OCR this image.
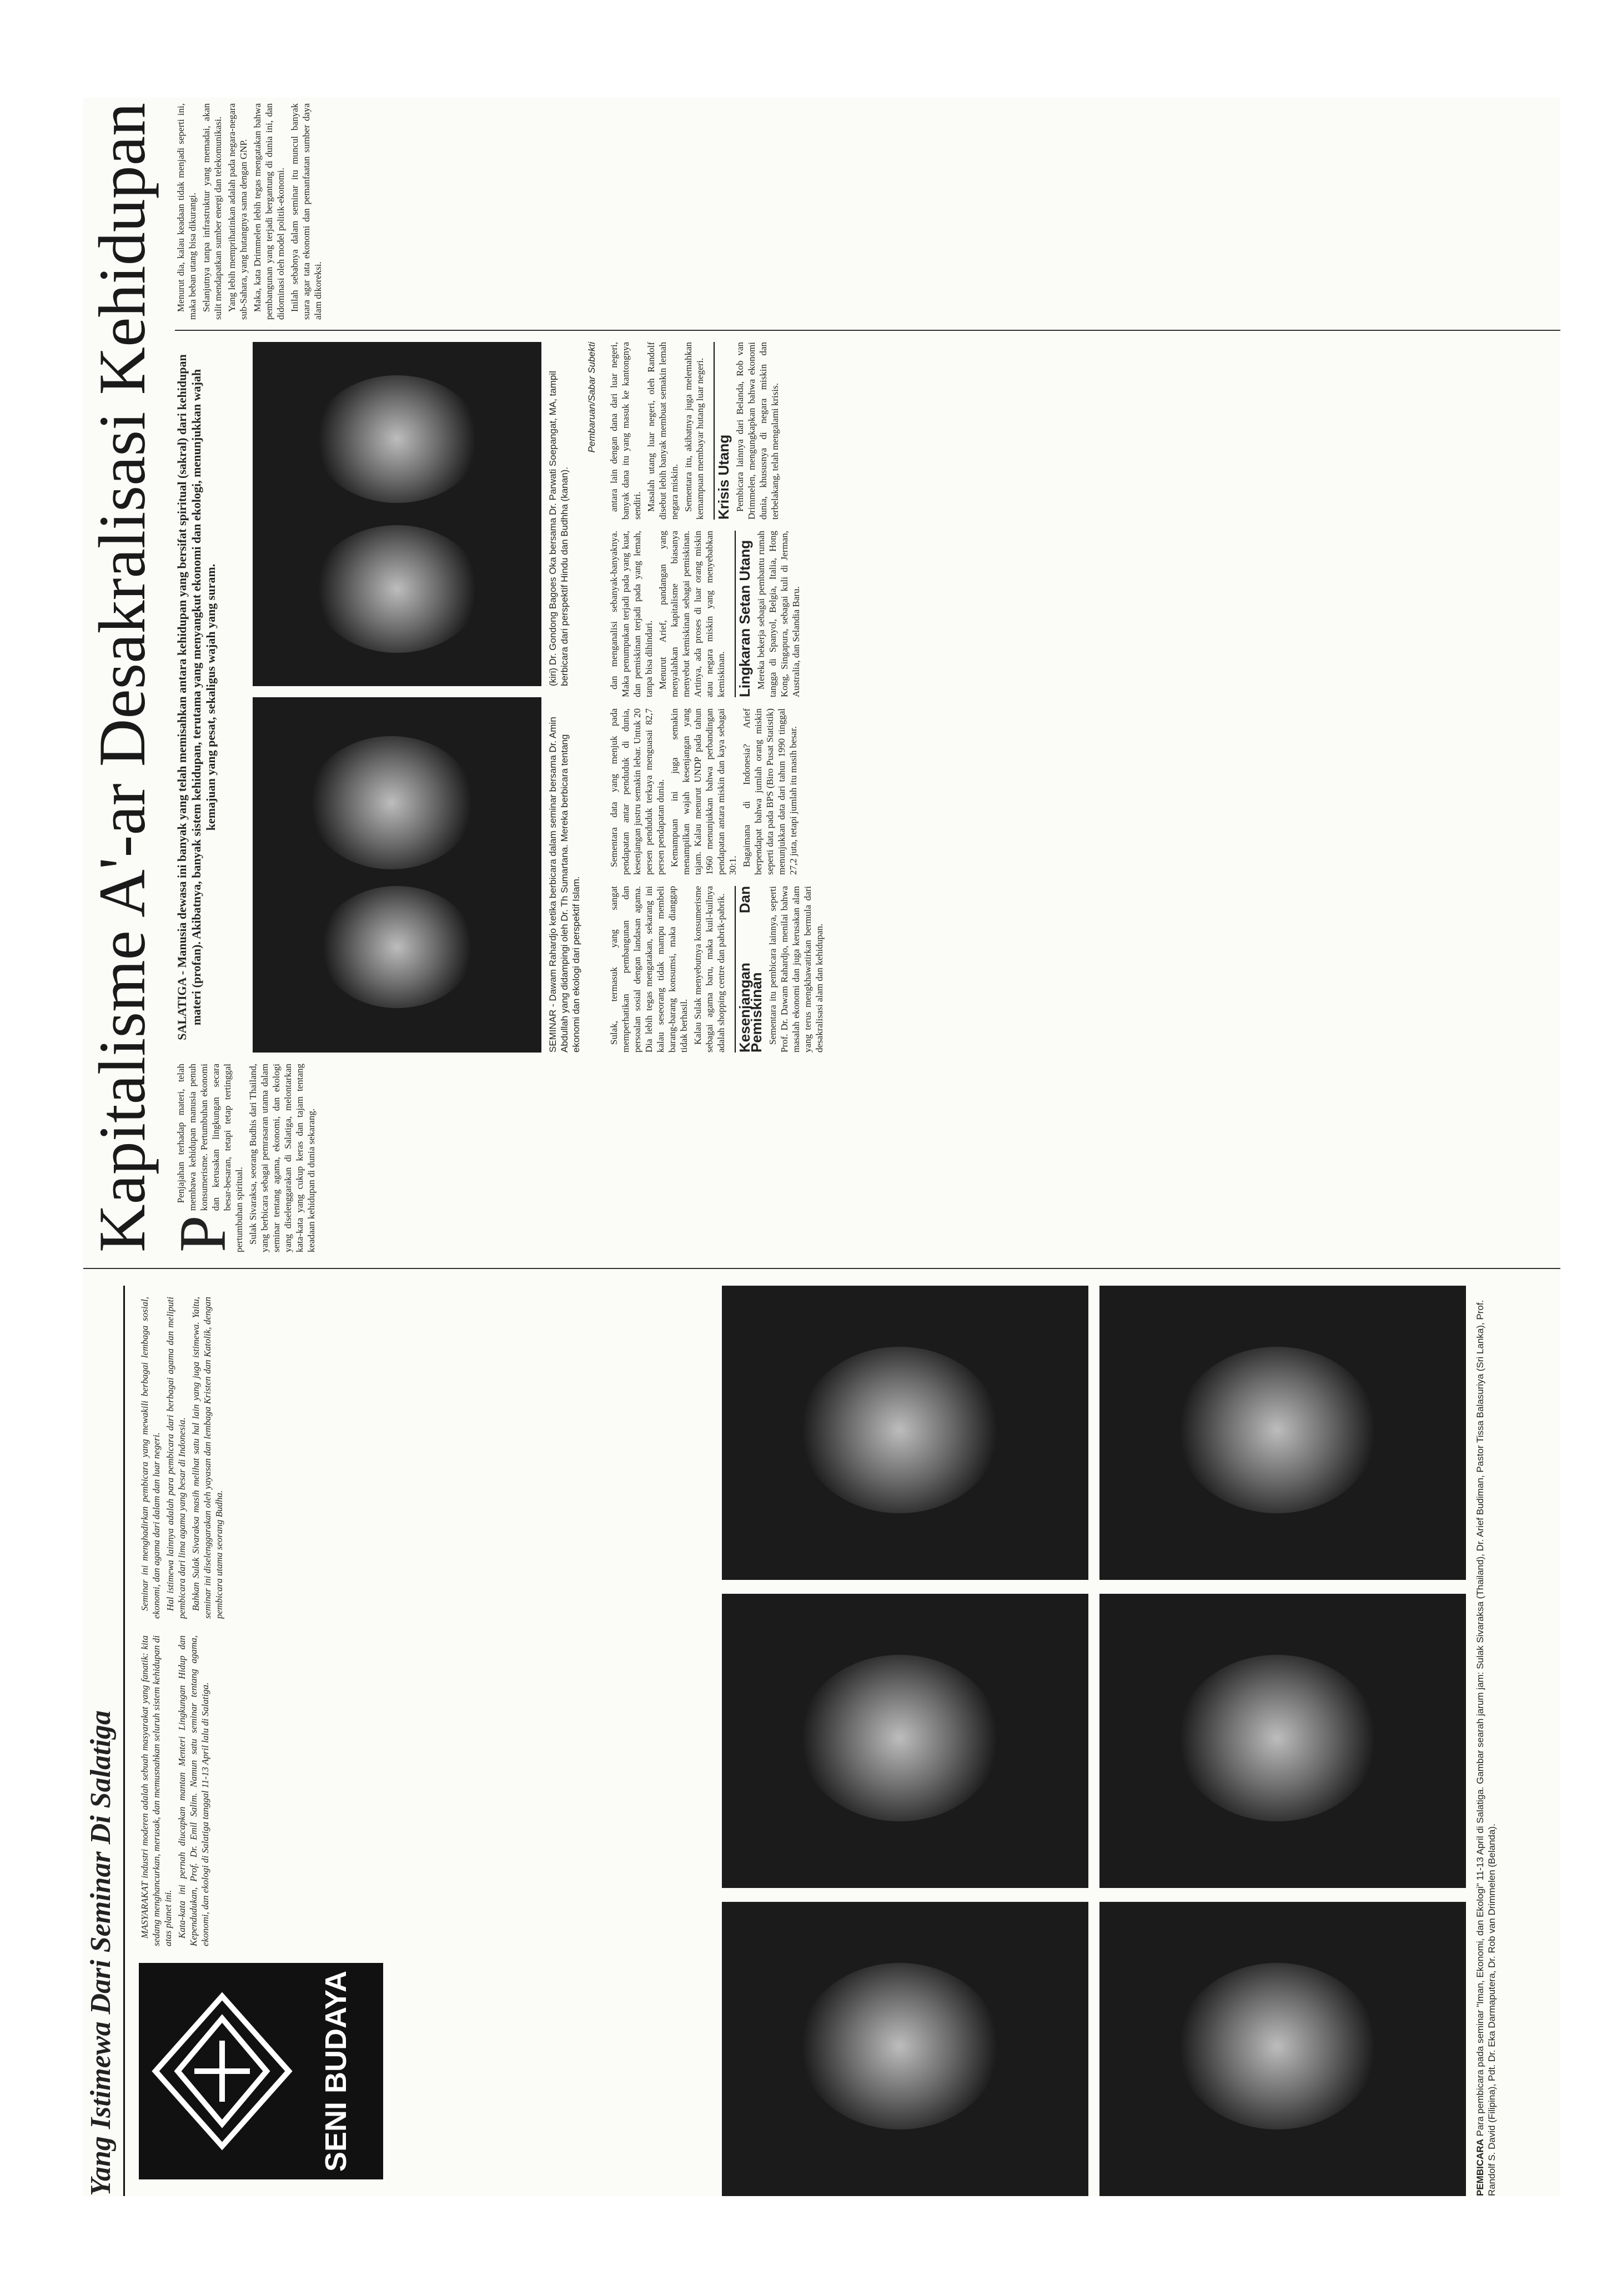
Yang Istimewa Dari Seminar Di Salatiga	SENI BUDAYA

MASYARAKAT industri moderen adalah sebuah masyarakat yang fanatik: kita sedang menghancurkan, merusak, dan memusnahkan seluruh sistem kehidupan di atas planet ini. Kata-kata ini pernah diucapkan mantan Menteri Lingkungan Hidup dan Kependudukan, Prof. Dr. Emil Salim. Namun satu seminar tentang agama, ekonomi, dan ekologi di Salatiga tanggal 11-13 April lalu di Salatiga.

Seminar ini menghadirkan pembicara yang mewakili berbagai lembaga sosial, ekonomi, dan agama dari dalam dan luar negeri. Hal istimewa lainnya adalah para pembicara dari berbagai agama dan meliputi pembicara dari lima agama yang besar di Indonesia. Bahkan Sulak Sivaraksa masih melihat satu hal lain yang juga istimewa. Yaitu, seminar ini diselenggarakan oleh yayasan dan lembaga Kristen dan Katolik, dengan pembicara utama seorang Budha.

PEMBICARA Para pembicara pada seminar "Iman, Ekonomi, dan Ekologi" 11-13 April di Salatiga. Gambar searah jarum jam: Sulak Sivaraksa (Thailand), Dr. Arief Budiman, Pastor Tissa Balasuriya (Sri Lanka), Prof. Randolf S. David (Filipina), Pdt. Dr. Eka Darmaputera, Dr. Rob van Drimmelen (Belanda).
Kapitalisme A'‑ar Desakralisasi Kehidupan P

Penjajahan terhadap materi, telah membawa kehidupan manusia penuh konsumerisme. Pertumbuhan ekonomi dan kerusakan lingkungan secara besar-besaran, tetapi tetap tertinggal pertumbuhan spiritual. Sulak Sivaraksa, seorang Budhis dari Thailand, yang berbicara sebagai pemrasaran utama dalam seminar tentang agama, ekonomi, dan ekologi yang diselenggarakan di Salatiga, melontarkan kata-kata yang cukup keras dan tajam tentang keadaan kehidupan di dunia sekarang.

SALATIGA - Manusia dewasa ini banyak yang telah memisahkan antara kehidupan yang bersifat spiritual (sakral) dari kehidupan materi (profan). Akibatnya, banyak sistem kehidupan, terutama yang menyangkut ekonomi dan ekologi, menunjukkan wajah kemajuan yang pesat, sekaligus wajah yang suram.
SEMINAR - Dawam Rahardjo ketika berbicara dalam seminar bersama Dr. Amin Abdullah yang didampingi oleh Dr. Th Sumartana. Mereka berbicara tentang ekonomi dan ekologi dari perspektif Islam.
(kiri) Dr. Gondong Bagoes Oka bersama Dr. Parwati Soepangat, MA, tampil berbicara dari perspektif Hindu dan Budhha (kanan).
Pembaruan/Sabar Subekti

Sulak, termasuk yang sangat memperhatikan pembangunan dan persoalan sosial dengan landasan agama. Dia lebih tegas mengatakan, sekarang ini kalau seseorang tidak mampu membeli barang-barang konsumsi, maka dianggap tidak berhasil. Kalau Sulak menyebutnya konsumerisme sebagai agama baru, maka kuil-kuilnya adalah shopping centre dan pabrik-pabrik. Kesenjangan Dan Pemiskinan Sementara itu pembicara lainnya, seperti Prof. Dr. Dawam Rahardjo, menilai bahwa masalah ekonomi dan juga kerusakan alam yang terus mengkhawatirkan bermula dari desakralisasi alam dan kehidupan.

Sementara data yang menjuk pada pendapatan antar penduduk di dunia, kesenjangan justru semakin lebar. Untuk 20 persen penduduk terkaya menguasai 82,7 persen pendapatan dunia. Kemampuan ini juga semakin menampilkan wajah kesenjangan yang tajam. Kalau menurut UNDP pada tahun 1960 menunjukkan bahwa perbandingan pendapatan antara miskin dan kaya sebagai 30:1. Bagaimana di Indonesia? Arief berpendapat bahwa jumlah orang miskin seperti data pada BPS (Biro Pusat Statistik) menunjukkan data dari tahun 1990 tinggal 27,2 juta, tetapi jumlah itu masih besar.

dan menganalisi sebanyak-banyaknya. Maka penumpukan terjadi pada yang kuat, dan pemiskinan terjadi pada yang lemah, tanpa bisa dihindari. Menurut Arief, pandangan yang menyalahkan kapitalisme biasanya menyebut kemiskinan sebagai pemiskinan. Artinya, ada proses di luar orang miskin atau negara miskin yang menyebabkan kemiskinan. Lingkaran Setan Utang Mereka bekerja sebagai pembantu rumah tangga di Spanyol, Belgia, Italia, Hong Kong, Singapura, sebagai kuli di Jerman, Australia, dan Selandia Baru.

antara lain dengan dana dari luar negeri, banyak dana itu yang masuk ke kantongnya sendiri. Masalah utang luar negeri, oleh Randolf disebut lebih banyak membuat semakin lemah negara miskin. Sementara itu, akibatnya juga melemahkan kemampuan membayar hutang luar negeri. Krisis Utang Pembicara lainnya dari Belanda, Rob van Drimmelen, mengungkapkan bahwa ekonomi dunia, khususnya di negara miskin dan terbelakang, telah mengalami krisis.

Menurut dia, kalau keadaan tidak menjadi seperti ini, maka beban utang bisa dikurangi. Selanjutnya tanpa infrastruktur yang memadai, akan sulit mendapatkan sumber energi dan telekomunikasi. Yang lebih memprihatinkan adalah pada negara-negara sub-Sahara, yang hutangnya sama dengan GNP. Maka, kata Drimmelen lebih tegas mengatakan bahwa pembangunan yang terjadi bergantung di dunia ini, dan didominasi oleh model politik-ekonomi. Inilah sebabnya dalam seminar itu muncul banyak suara agar tata ekonomi dan pemanfaatan sumber daya alam dikoreksi.
